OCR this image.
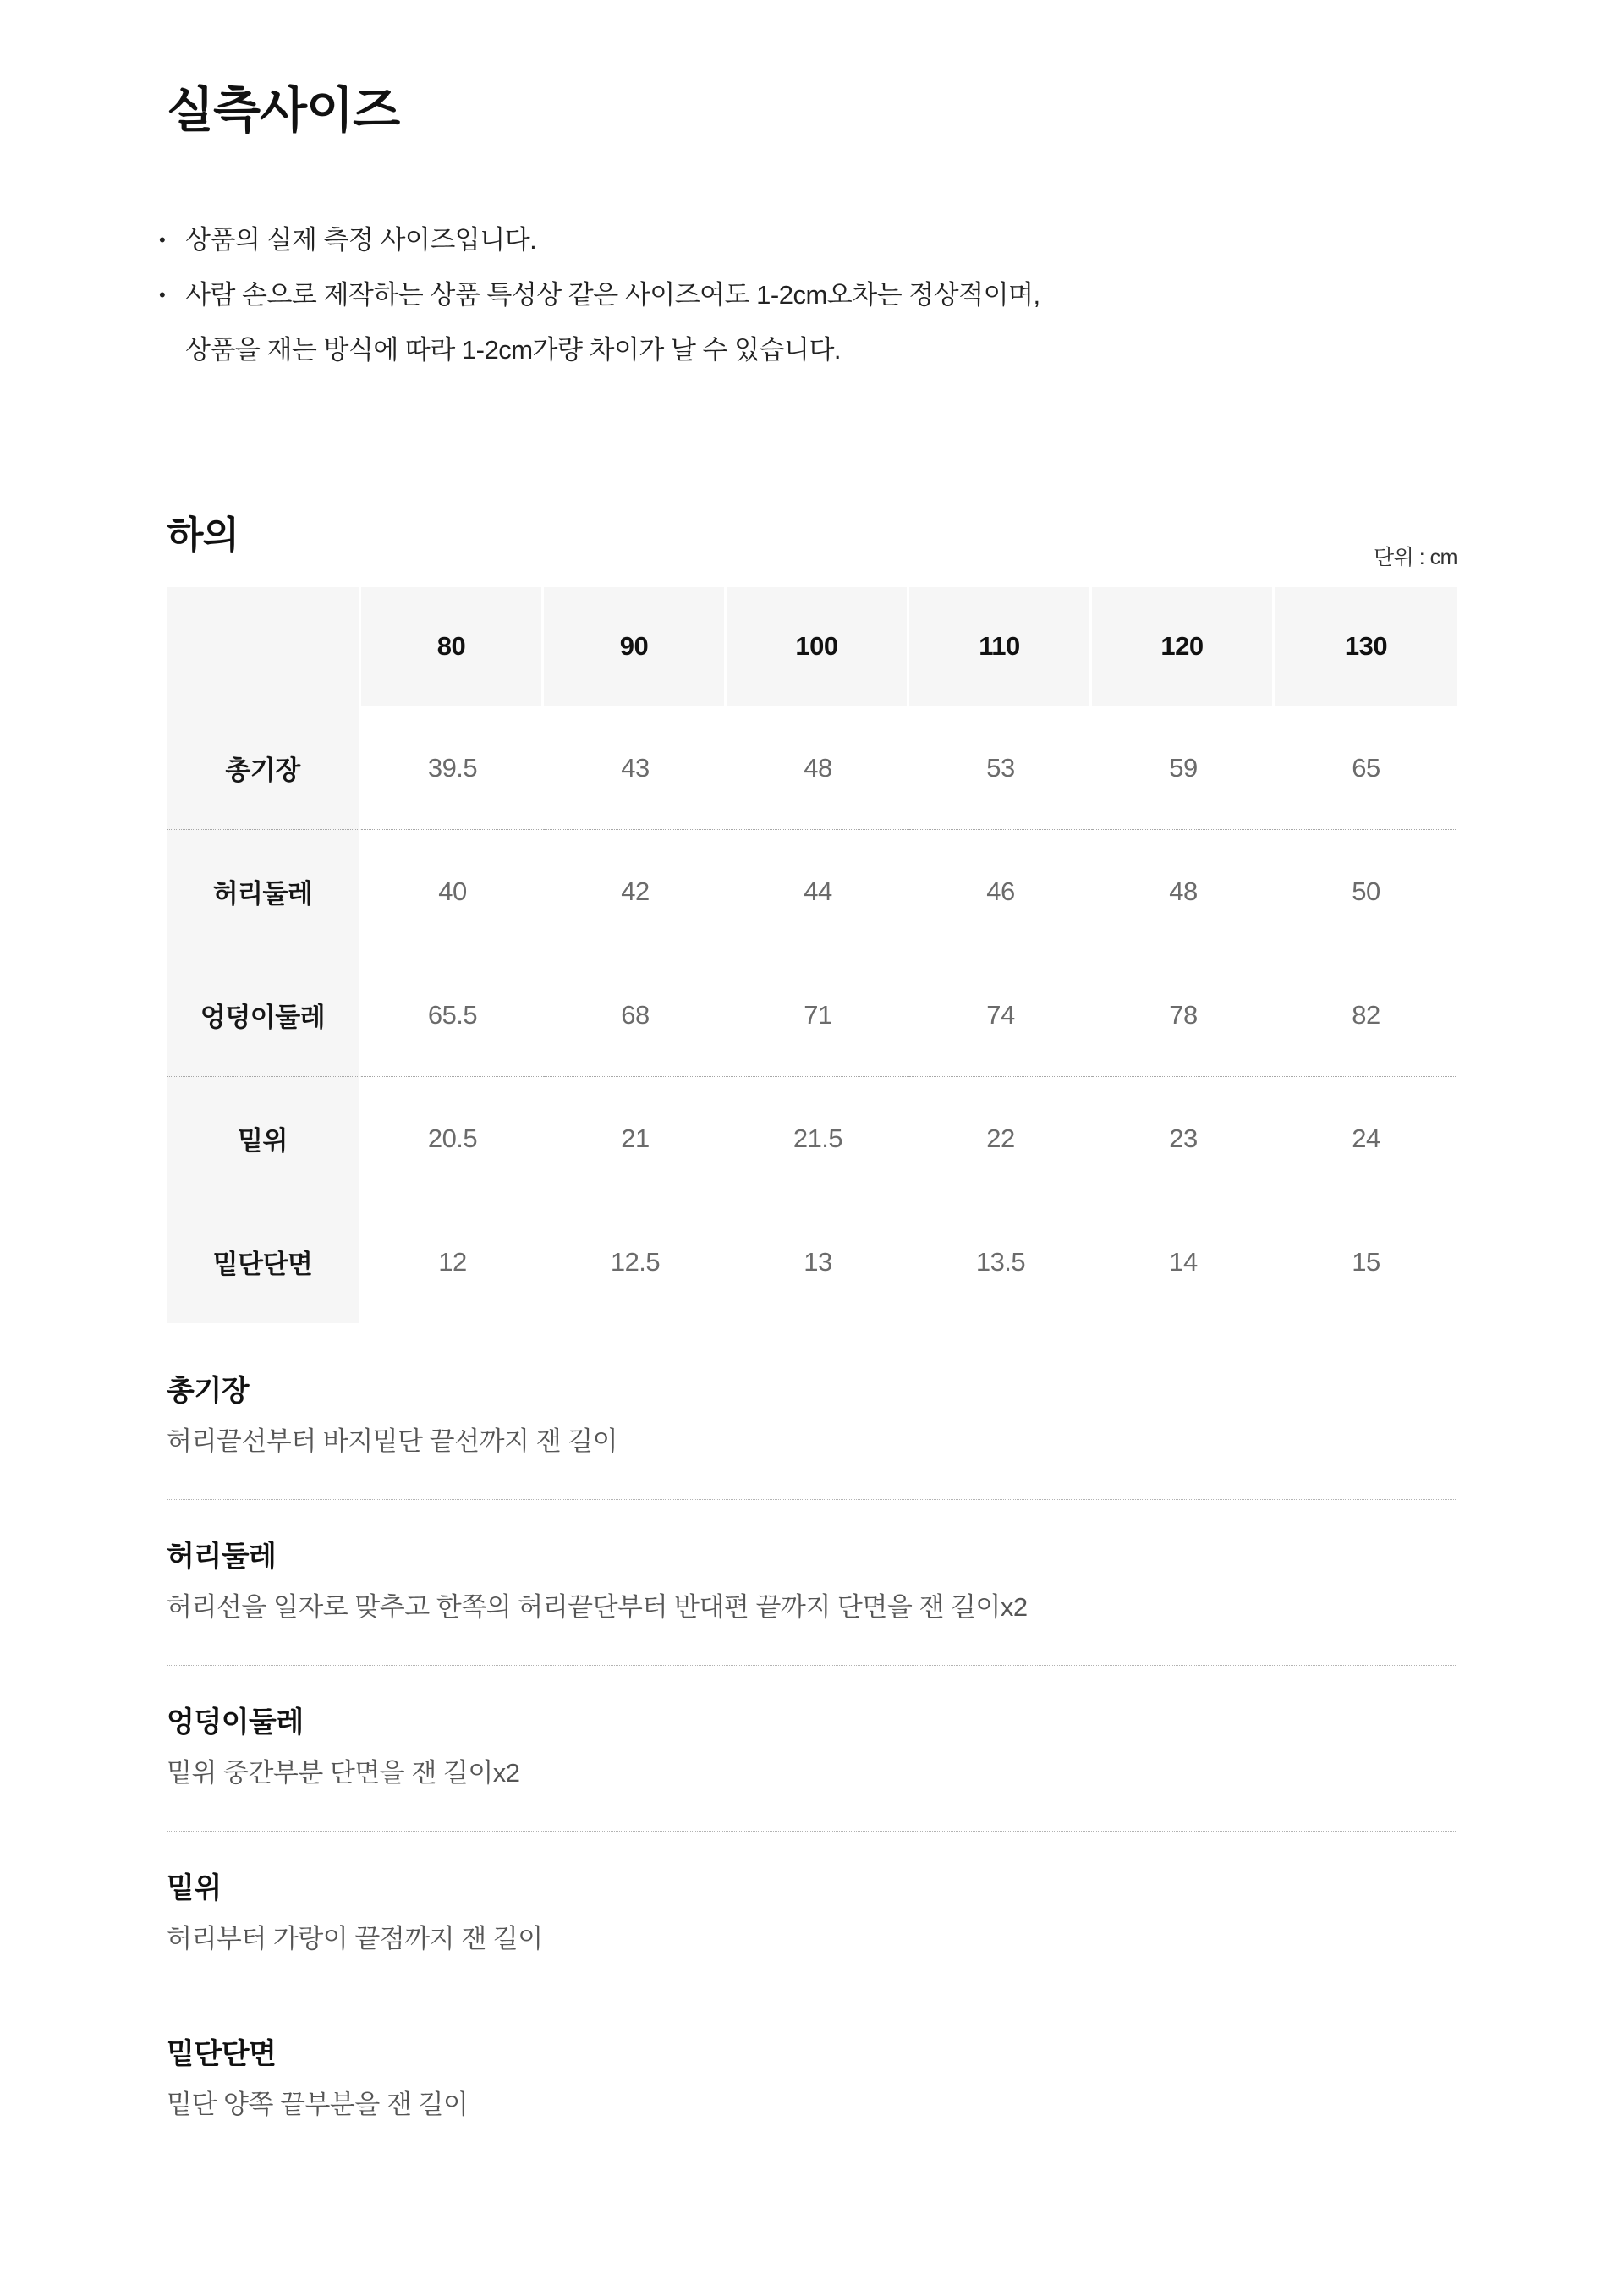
실측사이즈
• 상품의 실제 측정 사이즈입니다.
• 사람 손으로 제작하는 상품 특성상 같은 사이즈여도 1-2cm오차는 정상적이며,
상품을 재는 방식에 따라 1-2cm가량 차이가 날 수 있습니다.
하의
단위 : cm
	80	90	100	110	120	130
총기장	39.5	43	48	53	59	65
허리둘레	40	42	44	46	48	50
엉덩이둘레	65.5	68	71	74	78	82
밑위	20.5	21	21.5	22	23	24
밑단단면	12	12.5	13	13.5	14	15
총기장
허리끝선부터 바지밑단 끝선까지 잰 길이
허리둘레
허리선을 일자로 맞추고 한쪽의 허리끝단부터 반대편 끝까지 단면을 잰 길이x2
엉덩이둘레
밑위 중간부분 단면을 잰 길이x2
밑위
허리부터 가랑이 끝점까지 잰 길이
밑단단면
밑단 양쪽 끝부분을 잰 길이
